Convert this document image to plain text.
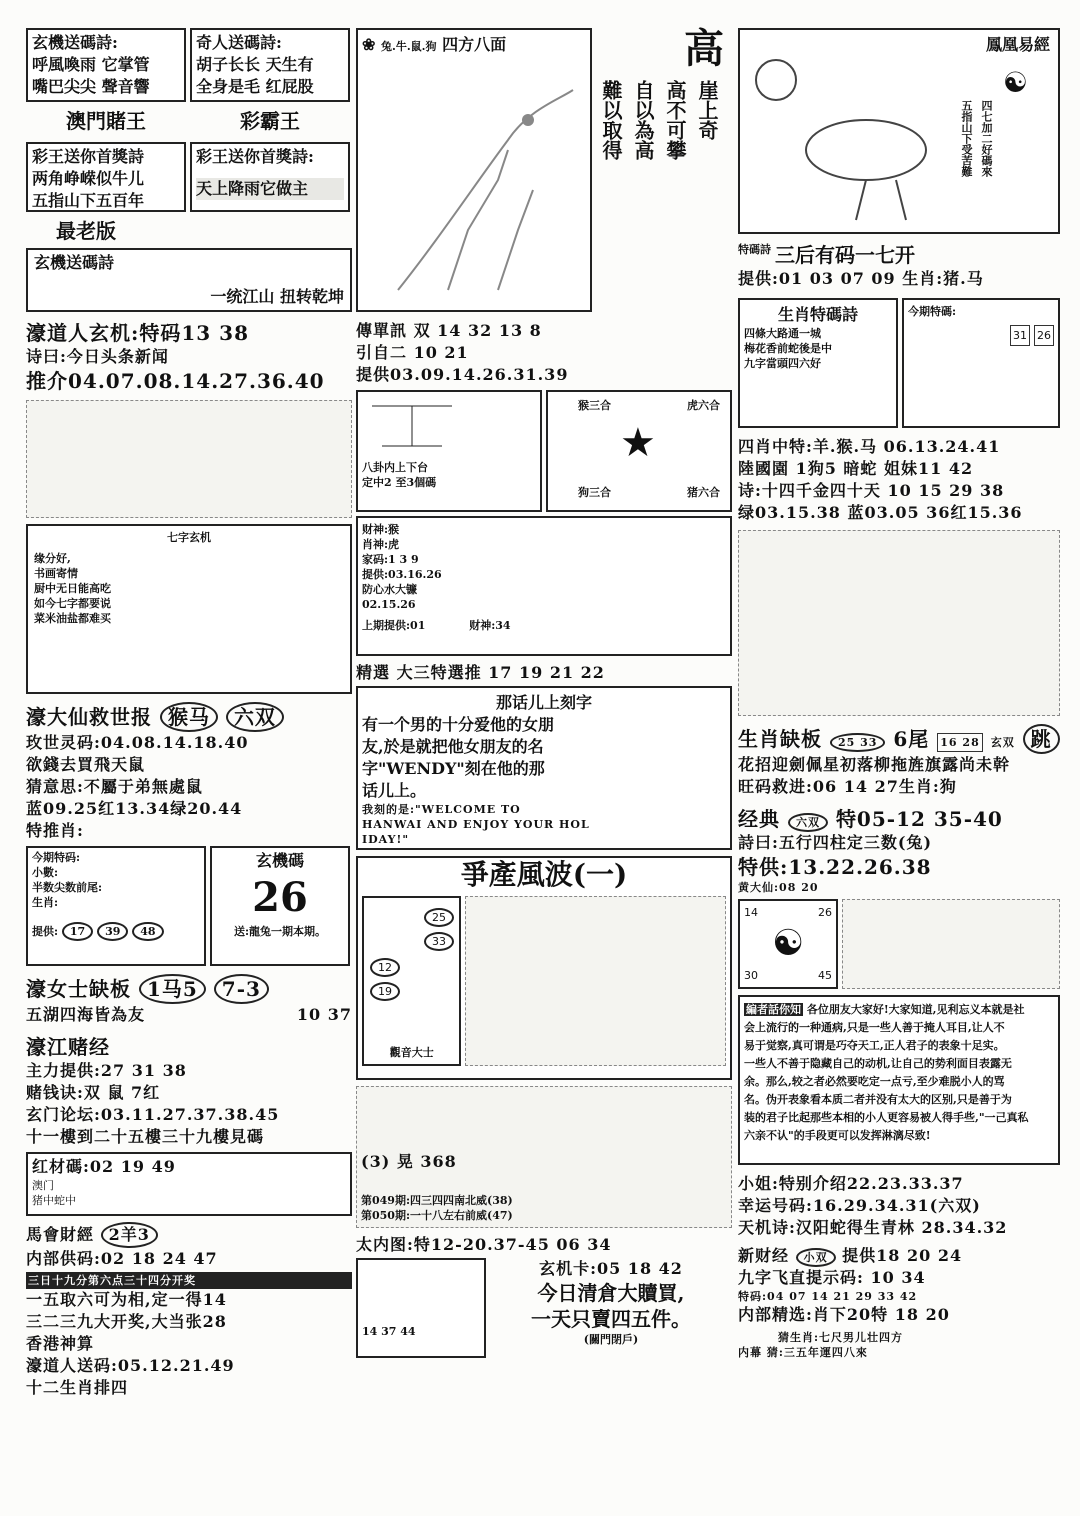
玄機送碼詩:
呼風喚雨 它掌管
嘴巴尖尖 聲音響
奇人送碼詩:
胡子长长 天生有
全身是毛 红屁股
澳門賭王	彩霸王
彩王送你首獎詩
两角峥嵘似牛儿
五指山下五百年
彩王送你首獎詩:
天上降雨它做主
最老版
玄機送碼詩
一统江山 扭转乾坤
濠道人玄机:特码13 38
诗曰:今日头条新闻
推介04.07.08.14.27.36.40
七字玄机
缘分好,
书画寄情
厨中无日能高吃
如今七字都要说
菜米油盐都难买
濠大仙救世报 猴马 六双
玫世灵码:04.08.14.18.40
欲錢去買飛天鼠
猜意思:不屬于弟無處鼠
蓝09.25红13.34绿20.44
特推肖:
今期特码:
小數:
半数尖数前尾:
生肖:
提供: 17 39 48
玄機碼
26
送:龍兔一期本期。
濠女士缺板 1马5 7-3
五湖四海皆為友	10 37
濠江赌经
主力提供:27 31 38
赌钱诀:双 鼠 7红
玄门论坛:03.11.27.37.38.45
十一樓到二十五樓三十九樓見碼
红材碼:02 19 49
澳门
猪中蛇中
馬會財經 2羊3
内部供码:02 18 24 47
三日十九分第六点三十四分开奖
一五取六可为相,定一得14
三二三九大开奖,大当张28
香港神算
濠道人送码:05.12.21.49
十二生肖排四
❀ 兔.牛.鼠.狗 四方八面	高
崖上奇
高不可攀
自以為高
難以取得
傳單訊 双 14 32 13 8
引自二 10 21
提供03.09.14.26.31.39
八卦内上下台
定中2 至3個碼
猴三合	虎六合
★
狗三合	猪六合
财神:猴
肖神:虎
家码:1 3 9
提供:03.16.26
防心水大镰
02.15.26
上期提供:01	财神:34
精選 大三特選推 17 19 21 22
那话儿上刻字
有一个男的十分爱他的女朋
友,於是就把他女朋友的名
字"WENDY"刻在他的那
话儿上。
我刻的是:"WELCOME TO
HANWAI AND ENJOY YOUR HOL
IDAY!"
爭產風波(一)
25
33
12
19
觀音大士
(3) 晃 368
第049期:四三四四南北威(38)
第050期:一十八左右前威(47)
太内图:特12-20.37-45 06 34
14 37 44
玄机卡:05 18 42
今日清倉大贖買,
一天只賣四五件。
(關門閉戶)
鳳凰易經
☯
四七加二好碼來
五指山下受苦難
特碼詩 三后有码一七开
提供:01 03 07 09 生肖:猪.马
生肖特碼詩
四條大路通一城
梅花香前蛇後是中
九字當頭四六好
今期特碼:
31 26
四肖中特:羊.猴.马 06.13.24.41
陸國園 1狗5 暗蛇 姐妹11 42
诗:十四千金四十天 10 15 29 38
绿03.15.38 蓝03.05 36红15.36
生肖缺板 25 33 6尾 16 28 玄双 跳
花招迎劍佩星初落柳拖旌旗露尚未幹
旺码救进:06 14 27生肖:狗
经典 六双 特05-12 35-40
詩曰:五行四柱定三数(兔)
特供:13.22.26.38
黄大仙:08 20
14	26
☯
30	45
編者話你知 各位朋友大家好!大家知道,见利忘义本就是社
会上流行的一种通病,只是一些人善于掩人耳目,让人不
易于觉察,真可谓是巧夺天工,正人君子的表象十足实。
一些人不善于隐藏自己的动机,让自己的势利面目表露无
余。那么,较之者必然要吃定一点亏,至少难脱小人的骂
名。伪开表象看本质二者并没有太大的区别,只是善于为
装的君子比起那些本相的小人更容易被人得手些,"一己真私
六亲不认"的手段更可以发挥淋漓尽致!
小姐:特别介绍22.23.33.37
幸运号码:16.29.34.31(六双)
天机诗:汉阳蛇得生青林 28.34.32
新财经 小双 提供18 20 24
九字飞直提示码: 10 34
特码:04 07 14 21 29 33 42
内部精选:肖下20特 18 20
猜生肖:七尺男儿壮四方
内幕 猜:三五年運四八來
